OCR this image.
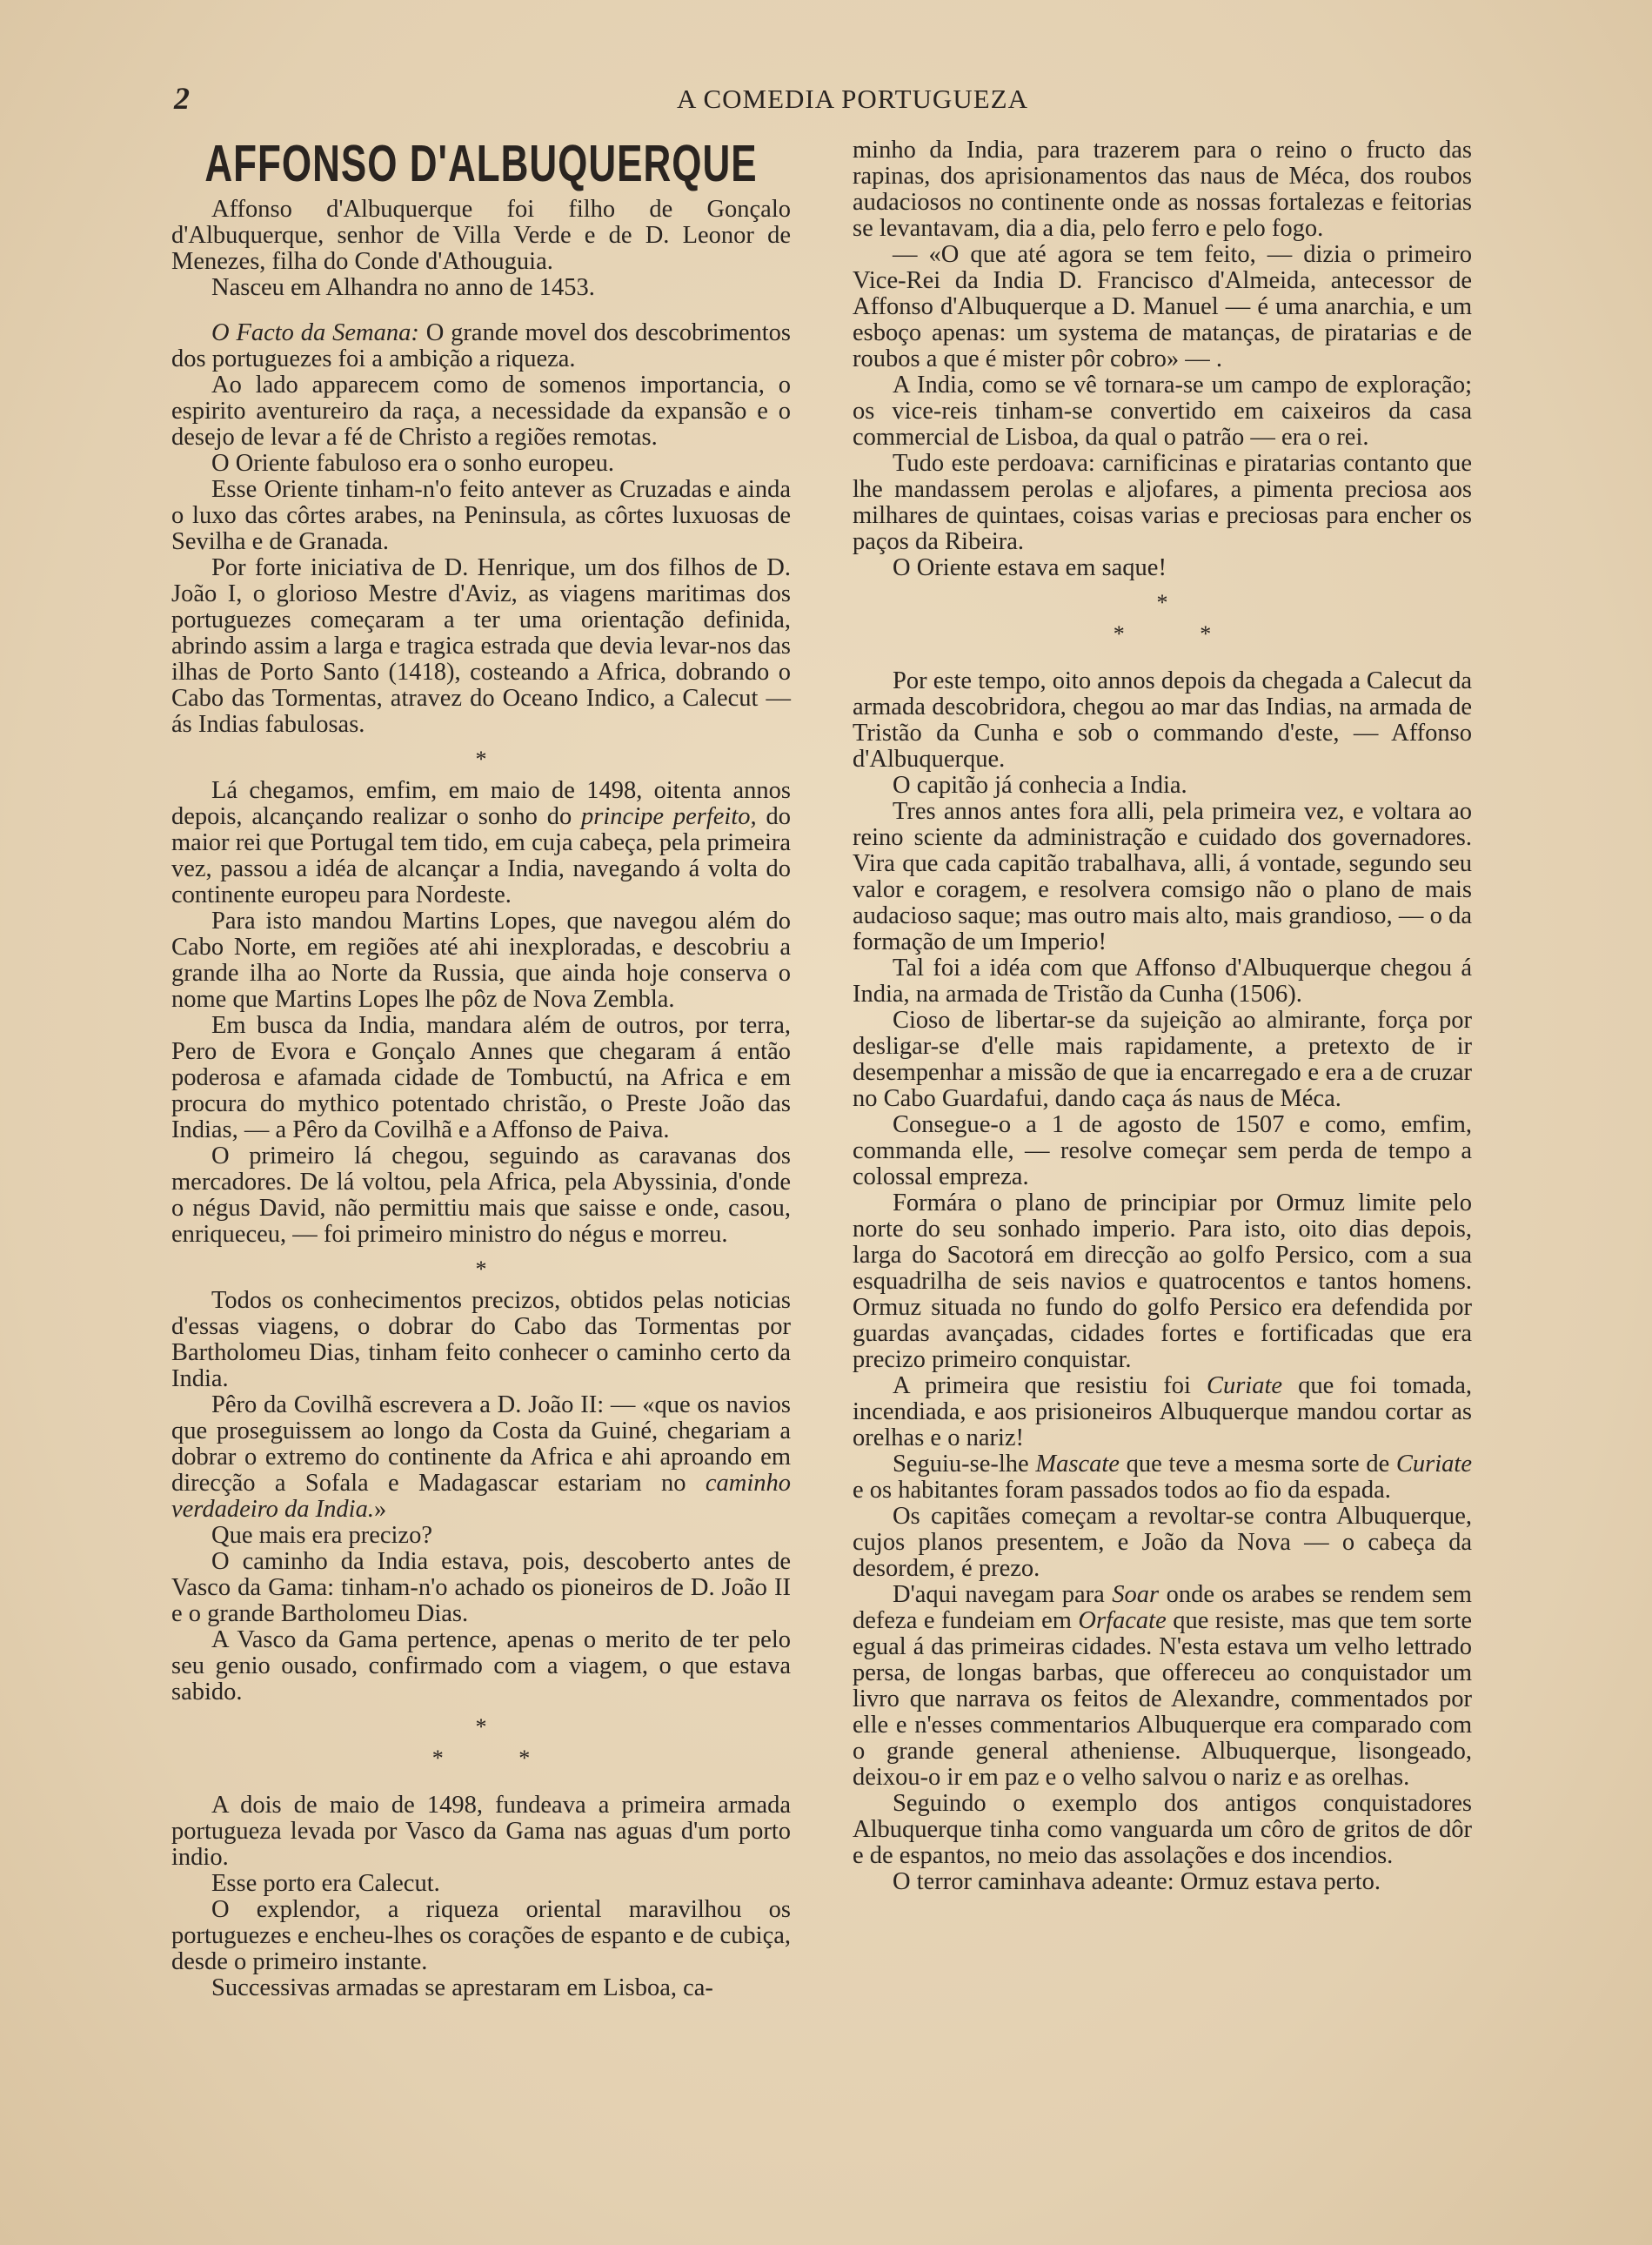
2	A COMEDIA PORTUGUEZA
AFFONSO D'ALBUQUERQUE

Affonso d'Albuquerque foi filho de Gonçalo d'Albuquerque, senhor de Villa Verde e de D. Leonor de Menezes, filha do Conde d'Athouguia.

Nasceu em Alhandra no anno de 1453.

O Facto da Semana: O grande movel dos descobrimentos dos portuguezes foi a ambição a riqueza.

Ao lado apparecem como de somenos importancia, o espirito aventureiro da raça, a necessidade da expansão e o desejo de levar a fé de Christo a regiões remotas.

O Oriente fabuloso era o sonho europeu.

Esse Oriente tinham-n'o feito antever as Cruzadas e ainda o luxo das côrtes arabes, na Peninsula, as côrtes luxuosas de Sevilha e de Granada.

Por forte iniciativa de D. Henrique, um dos filhos de D. João I, o glorioso Mestre d'Aviz, as viagens maritimas dos portuguezes começaram a ter uma orientação definida, abrindo assim a larga e tragica estrada que devia levar-nos das ilhas de Porto Santo (1418), costeando a Africa, dobrando o Cabo das Tormentas, atravez do Oceano Indico, a Calecut — ás Indias fabulosas.

*

Lá chegamos, emfim, em maio de 1498, oitenta annos depois, alcançando realizar o sonho do principe perfeito, do maior rei que Portugal tem tido, em cuja cabeça, pela primeira vez, passou a idéa de alcançar a India, navegando á volta do continente europeu para Nordeste.

Para isto mandou Martins Lopes, que navegou além do Cabo Norte, em regiões até ahi inexploradas, e descobriu a grande ilha ao Norte da Russia, que ainda hoje conserva o nome que Martins Lopes lhe pôz de Nova Zembla.

Em busca da India, mandara além de outros, por terra, Pero de Evora e Gonçalo Annes que chegaram á então poderosa e afamada cidade de Tombuctú, na Africa e em procura do mythico potentado christão, o Preste João das Indias, — a Pêro da Covilhã e a Affonso de Paiva.

O primeiro lá chegou, seguindo as caravanas dos mercadores. De lá voltou, pela Africa, pela Abyssinia, d'onde o négus David, não permittiu mais que saisse e onde, casou, enriqueceu, — foi primeiro ministro do négus e morreu.

*

Todos os conhecimentos precizos, obtidos pelas noticias d'essas viagens, o dobrar do Cabo das Tormentas por Bartholomeu Dias, tinham feito conhecer o caminho certo da India.

Pêro da Covilhã escrevera a D. João II: — «que os navios que proseguissem ao longo da Costa da Guiné, chegariam a dobrar o extremo do continente da Africa e ahi aproando em direcção a Sofala e Madagascar estariam no caminho verdadeiro da India.»

Que mais era precizo?

O caminho da India estava, pois, descoberto antes de Vasco da Gama: tinham-n'o achado os pioneiros de D. João II e o grande Bartholomeu Dias.

A Vasco da Gama pertence, apenas o merito de ter pelo seu genio ousado, confirmado com a viagem, o que estava sabido.

*
* *

A dois de maio de 1498, fundeava a primeira armada portugueza levada por Vasco da Gama nas aguas d'um porto indio.

Esse porto era Calecut.

O explendor, a riqueza oriental maravilhou os portuguezes e encheu-lhes os corações de espanto e de cubiça, desde o primeiro instante.

Successivas armadas se aprestaram em Lisboa, ca-

minho da India, para trazerem para o reino o fructo das rapinas, dos aprisionamentos das naus de Méca, dos roubos audaciosos no continente onde as nossas fortalezas e feitorias se levantavam, dia a dia, pelo ferro e pelo fogo.

— «O que até agora se tem feito, — dizia o primeiro Vice-Rei da India D. Francisco d'Almeida, antecessor de Affonso d'Albuquerque a D. Manuel — é uma anarchia, e um esboço apenas: um systema de matanças, de piratarias e de roubos a que é mister pôr cobro» — .

A India, como se vê tornara-se um campo de exploração; os vice-reis tinham-se convertido em caixeiros da casa commercial de Lisboa, da qual o patrão — era o rei.

Tudo este perdoava: carnificinas e piratarias contanto que lhe mandassem perolas e aljofares, a pimenta preciosa aos milhares de quintaes, coisas varias e preciosas para encher os paços da Ribeira.

O Oriente estava em saque!

*
* *

Por este tempo, oito annos depois da chegada a Calecut da armada descobridora, chegou ao mar das Indias, na armada de Tristão da Cunha e sob o commando d'este, — Affonso d'Albuquerque.

O capitão já conhecia a India.

Tres annos antes fora alli, pela primeira vez, e voltara ao reino sciente da administração e cuidado dos governadores. Vira que cada capitão trabalhava, alli, á vontade, segundo seu valor e coragem, e resolvera comsigo não o plano de mais audacioso saque; mas outro mais alto, mais grandioso, — o da formação de um Imperio!

Tal foi a idéa com que Affonso d'Albuquerque chegou á India, na armada de Tristão da Cunha (1506).

Cioso de libertar-se da sujeição ao almirante, força por desligar-se d'elle mais rapidamente, a pretexto de ir desempenhar a missão de que ia encarregado e era a de cruzar no Cabo Guardafui, dando caça ás naus de Méca.

Consegue-o a 1 de agosto de 1507 e como, emfim, commanda elle, — resolve começar sem perda de tempo a colossal empreza.

Formára o plano de principiar por Ormuz limite pelo norte do seu sonhado imperio. Para isto, oito dias depois, larga do Sacotorá em direcção ao golfo Persico, com a sua esquadrilha de seis navios e quatrocentos e tantos homens. Ormuz situada no fundo do golfo Persico era defendida por guardas avançadas, cidades fortes e fortificadas que era precizo primeiro conquistar.

A primeira que resistiu foi Curiate que foi tomada, incendiada, e aos prisioneiros Albuquerque mandou cortar as orelhas e o nariz!

Seguiu-se-lhe Mascate que teve a mesma sorte de Curiate e os habitantes foram passados todos ao fio da espada.

Os capitães começam a revoltar-se contra Albuquerque, cujos planos presentem, e João da Nova — o cabeça da desordem, é prezo.

D'aqui navegam para Soar onde os arabes se rendem sem defeza e fundeiam em Orfacate que resiste, mas que tem sorte egual á das primeiras cidades. N'esta estava um velho lettrado persa, de longas barbas, que offereceu ao conquistador um livro que narrava os feitos de Alexandre, commentados por elle e n'esses commentarios Albuquerque era comparado com o grande general atheniense. Albuquerque, lisongeado, deixou-o ir em paz e o velho salvou o nariz e as orelhas.

Seguindo o exemplo dos antigos conquistadores Albuquerque tinha como vanguarda um côro de gritos de dôr e de espantos, no meio das assolações e dos incendios.

O terror caminhava adeante: Ormuz estava perto.
